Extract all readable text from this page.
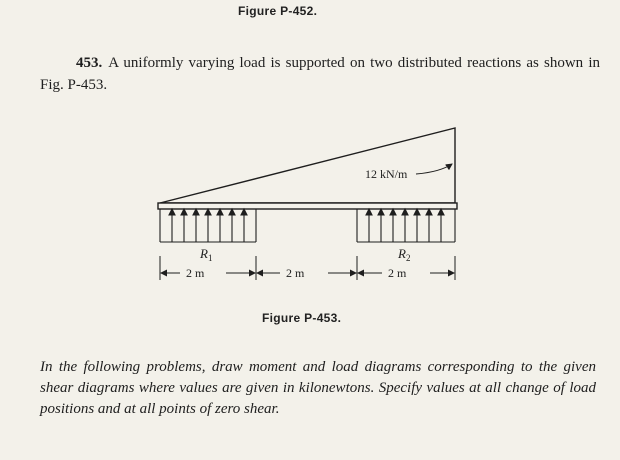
Figure P-452.
453. A uniformly varying load is supported on two distributed reactions as shown in Fig. P-453.
12 kN/m
$R_1$	$R_2$
2 m	2 m	2 m
Figure P-453.
In the following problems, draw moment and load diagrams corresponding to the given shear diagrams where values are given in kilonewtons. Specify values at all change of load positions and at all points of zero shear.
